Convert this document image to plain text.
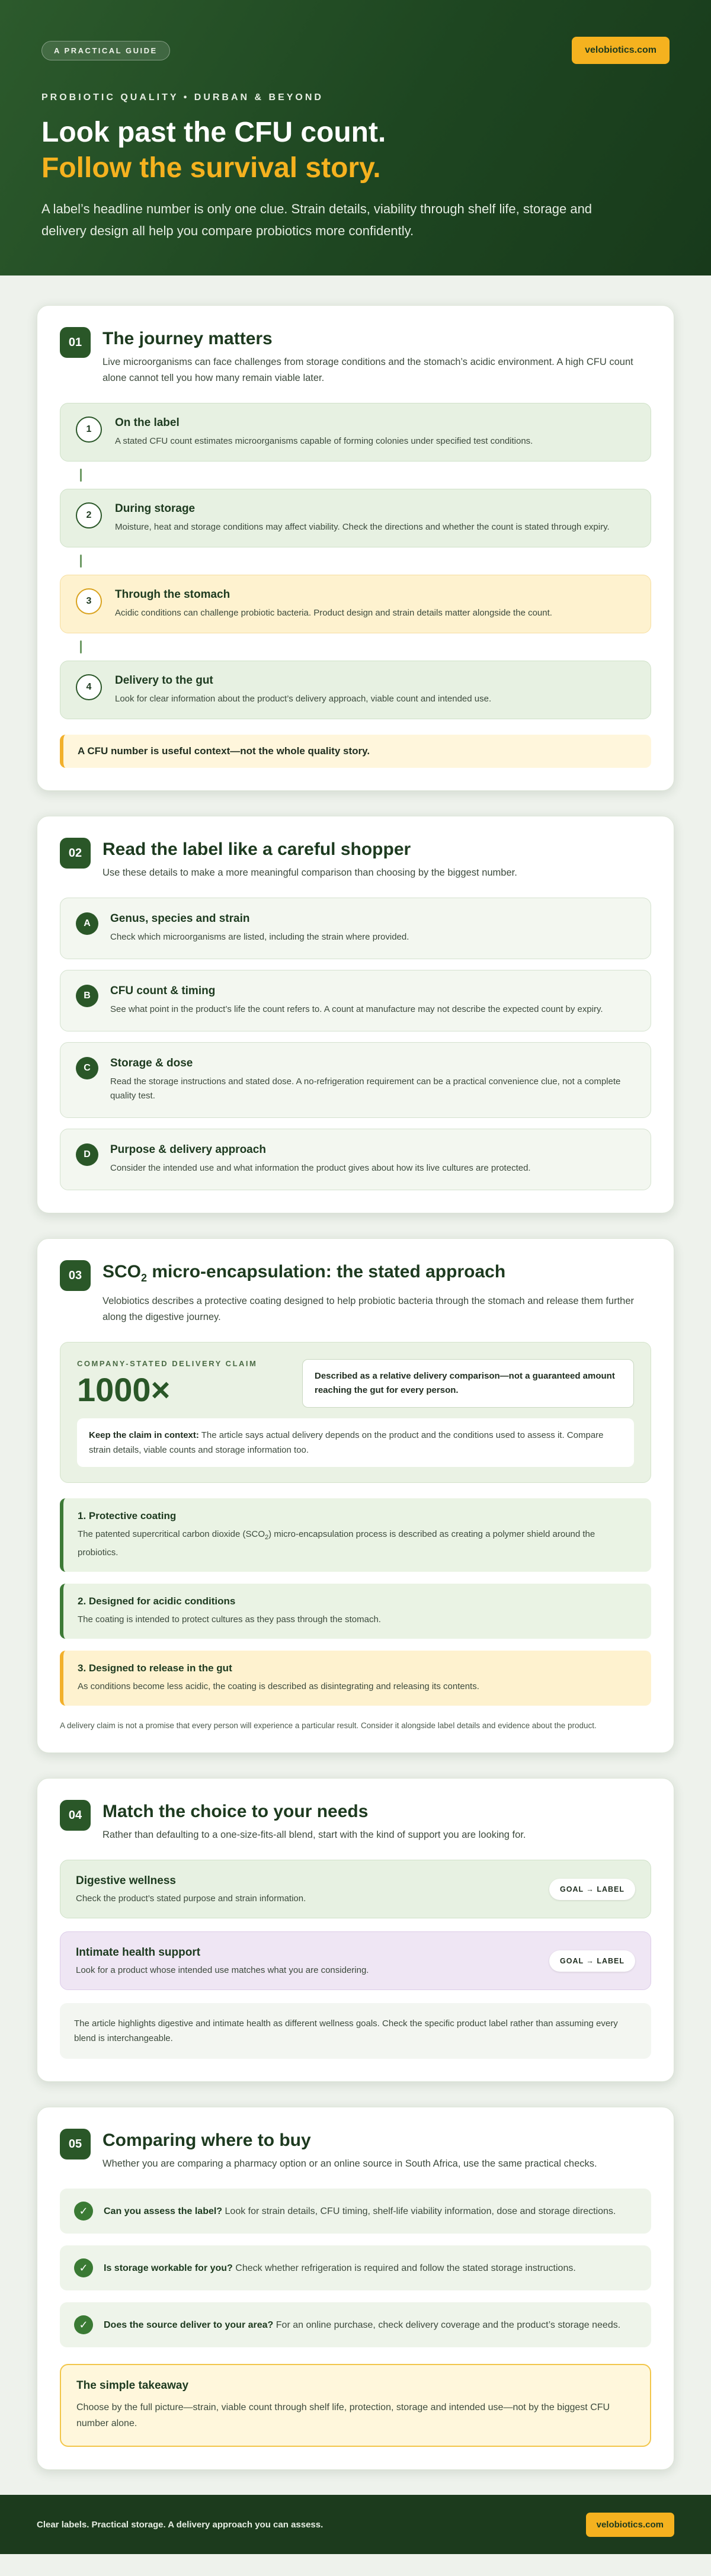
A PRACTICAL GUIDE	velobiotics.com
PROBIOTIC QUALITY • DURBAN & BEYOND
Look past the CFU count.
Follow the survival story.

A label’s headline number is only one clue. Strain details, viability through shelf life, storage and delivery design all help you compare probiotics more confidently.

01	The journey matters

Live microorganisms can face challenges from storage conditions and the stomach’s acidic environment. A high CFU count alone cannot tell you how many remain viable later.

1
On the label
A stated CFU count estimates microorganisms capable of forming colonies under specified test conditions.
2
During storage
Moisture, heat and storage conditions may affect viability. Check the directions and whether the count is stated through expiry.
3
Through the stomach
Acidic conditions can challenge probiotic bacteria. Product design and strain details matter alongside the count.
4
Delivery to the gut
Look for clear information about the product’s delivery approach, viable count and intended use.
A CFU number is useful context—not the whole quality story.
02	Read the label like a careful shopper

Use these details to make a more meaningful comparison than choosing by the biggest number.

A	Genus, species and strain
Check which microorganisms are listed, including the strain where provided.
B	CFU count & timing
See what point in the product’s life the count refers to. A count at manufacture may not describe the expected count by expiry.
C	Storage & dose
Read the storage instructions and stated dose. A no-refrigeration requirement can be a practical convenience clue, not a complete quality test.
D	Purpose & delivery approach
Consider the intended use and what information the product gives about how its live cultures are protected.
03	$SCO_2$ micro-encapsulation: the stated approach

Velobiotics describes a protective coating designed to help probiotic bacteria through the stomach and release them further along the digestive journey.

COMPANY-STATED DELIVERY CLAIM
1000×	Described as a relative delivery comparison—not a guaranteed amount reaching the gut for every person.
Keep the claim in context: The article says actual delivery depends on the product and the conditions used to assess it. Compare strain details, viable counts and storage information too.
1. Protective coating
The patented supercritical carbon dioxide $(SCO_2)$ micro-encapsulation process is described as creating a polymer shield around the probiotics.
2. Designed for acidic conditions
The coating is intended to protect cultures as they pass through the stomach.
3. Designed to release in the gut
As conditions become less acidic, the coating is described as disintegrating and releasing its contents.

A delivery claim is not a promise that every person will experience a particular result. Consider it alongside label details and evidence about the product.

04	Match the choice to your needs

Rather than defaulting to a one-size-fits-all blend, start with the kind of support you are looking for.

Digestive wellness
Check the product’s stated purpose and strain information.
GOAL → LABEL
Intimate health support
Look for a product whose intended use matches what you are considering.
GOAL → LABEL
The article highlights digestive and intimate health as different wellness goals. Check the specific product label rather than assuming every blend is interchangeable.
05	Comparing where to buy

Whether you are comparing a pharmacy option or an online source in South Africa, use the same practical checks.

✓	Can you assess the label? Look for strain details, CFU timing, shelf-life viability information, dose and storage directions.
✓	Is storage workable for you? Check whether refrigeration is required and follow the stated storage instructions.
✓	Does the source deliver to your area? For an online purchase, check delivery coverage and the product’s storage needs.
The simple takeaway
Choose by the full picture—strain, viable count through shelf life, protection, storage and intended use—not by the biggest CFU number alone.
Clear labels. Practical storage. A delivery approach you can assess.	velobiotics.com
